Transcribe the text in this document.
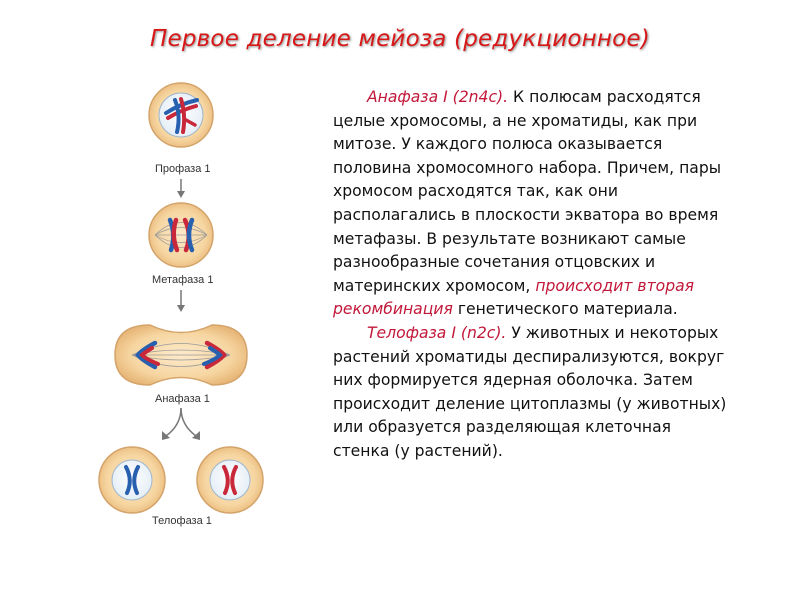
Первое деление мейоза (редукционное)
Профаза 1
Метафаза 1
Анафаза 1
Телофаза 1

Анафаза I (2n4c). К полюсам расходятся целые хромосомы, а не хроматиды, как при митозе. У каждого полюса оказывается половина хромосомного набора. Причем, пары хромосом расходятся так, как они располагались в плоскости экватора во время метафазы. В результате возникают самые разнообразные сочетания отцовских и материнских хромосом, происходит вторая рекомбинация генетического материала.

Телофаза I (n2c). У животных и некоторых растений хроматиды деспирализуются, вокруг них формируется ядерная оболочка. Затем происходит деление цитоплазмы (у животных) или образуется разделяющая клеточная стенка (у растений).
